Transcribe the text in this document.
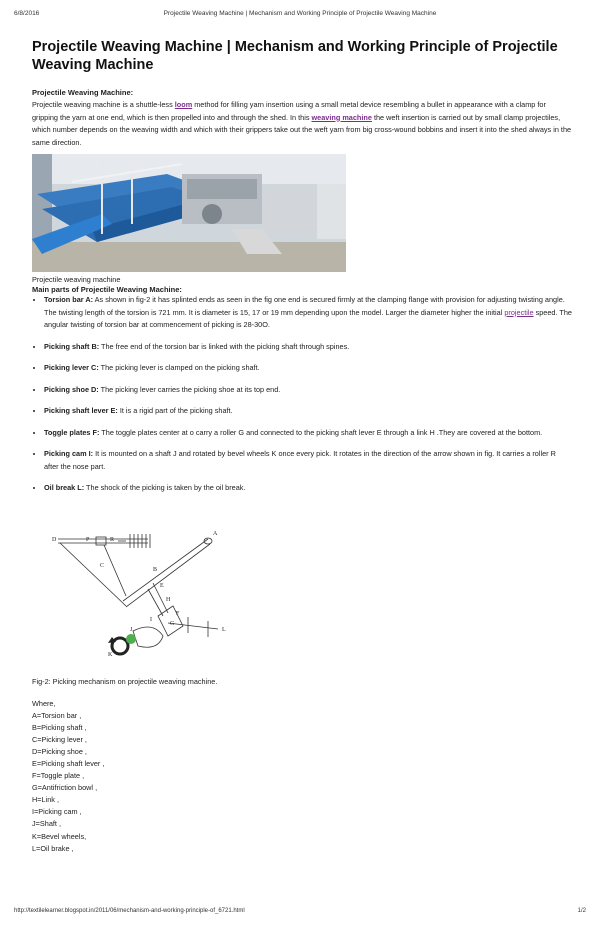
6/8/2016	Projectile Weaving Machine | Mechanism and Working Principle of Projectile Weaving Machine
Projectile Weaving Machine | Mechanism and Working Principle of Projectile Weaving Machine
Projectile Weaving Machine:

Projectile weaving machine is a shuttle-less loom method for filling yarn insertion using a small metal device resembling a bullet in appearance with a clamp for gripping the yarn at one end, which is then propelled into and through the shed. In this weaving machine the weft insertion is carried out by small clamp projectiles, which number depends on the weaving width and which with their grippers take out the weft yarn from big cross-wound bobbins and insert it into the shed always in the same direction.

Projectile weaving machine

Main parts of Projectile Weaving Machine:
• Torsion bar A: As shown in fig-2 it has splinted ends as seen in the fig one end is secured firmly at the clamping flange with provision for adjusting twisting angle. The twisting length of the torsion is 721 mm. It is diameter is 15, 17 or 19 mm depending upon the model. Larger the diameter higher the initial projectile speed. The angular twisting of torsion bar at commencement of picking is 28-30O.
• Picking shaft B: The free end of the torsion bar is linked with the picking shaft through spines.
• Picking lever C: The picking lever is clamped on the picking shaft.
• Picking shoe D: The picking lever carries the picking shoe at its top end.
• Picking shaft lever E: It is a rigid part of the picking shaft.
• Toggle plates F: The toggle plates center at o carry a roller G and connected to the picking shaft lever E through a link H .They are covered at the bottom.
• Picking cam I: It is mounted on a shaft J and rotated by bevel wheels K once every pick. It rotates in the direction of the arrow shown in fig. It carries a roller R after the nose part.
• Oil break L: The shock of the picking is taken by the oil break.
D	P	R
A
B
C
E
H
F
G
I
J
K
L

Fig-2: Picking mechanism on projectile weaving machine.

Where,
A=Torsion bar ,
B=Picking shaft ,
C=Picking lever ,
D=Picking shoe ,
E=Picking shaft lever ,
F=Toggle plate ,
G=Antifriction bowl ,
H=Link ,
I=Picking cam ,
J=Shaft ,
K=Bevel wheels,
L=Oil brake ,
http://textilelearner.blogspot.in/2011/06/mechanism-and-working-principle-of_6721.html	1/2
